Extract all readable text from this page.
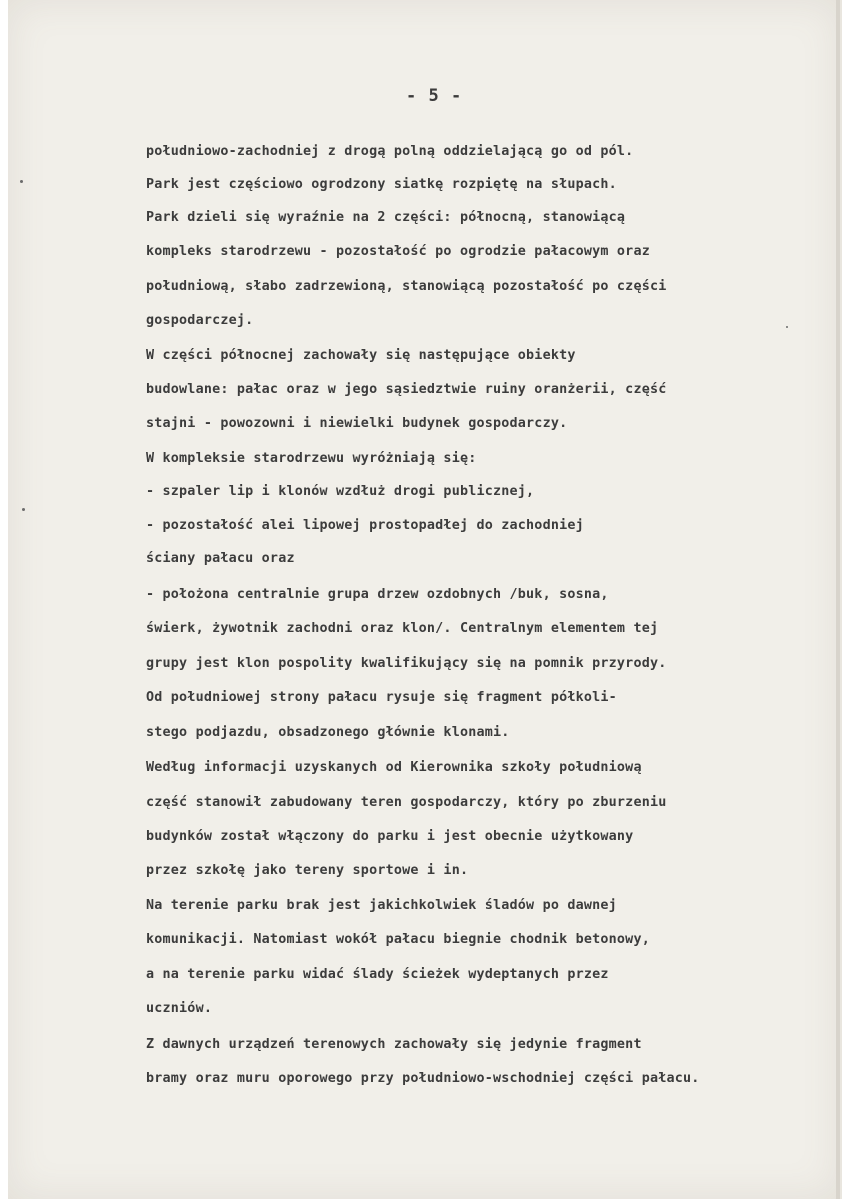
- 5 -
południowo-zachodniej z drogą polną oddzielającą go od pól.
Park jest częściowo ogrodzony siatkę rozpiętę na słupach.
Park dzieli się wyraźnie na 2 części: północną, stanowiącą
kompleks starodrzewu - pozostałość po ogrodzie pałacowym oraz
południową, słabo zadrzewioną, stanowiącą pozostałość po części
gospodarczej.
W części północnej zachowały się następujące obiekty
budowlane: pałac oraz w jego sąsiedztwie ruiny oranżerii, część
stajni - powozowni i niewielki budynek gospodarczy.
W kompleksie starodrzewu wyróżniają się:
- szpaler lip i klonów wzdłuż drogi publicznej,
- pozostałość alei lipowej prostopadłej do zachodniej
ściany pałacu oraz
- położona centralnie grupa drzew ozdobnych /buk, sosna,
świerk, żywotnik zachodni oraz klon/. Centralnym elementem tej
grupy jest klon pospolity kwalifikujący się na pomnik przyrody.
Od południowej strony pałacu rysuje się fragment półkoli-
stego podjazdu, obsadzonego głównie klonami.
Według informacji uzyskanych od Kierownika szkoły południową
część stanowił zabudowany teren gospodarczy, który po zburzeniu
budynków został włączony do parku i jest obecnie użytkowany
przez szkołę jako tereny sportowe i in.
Na terenie parku brak jest jakichkolwiek śladów po dawnej
komunikacji. Natomiast wokół pałacu biegnie chodnik betonowy,
a na terenie parku widać ślady ścieżek wydeptanych przez
uczniów.
Z dawnych urządzeń terenowych zachowały się jedynie fragment
bramy oraz muru oporowego przy południowo-wschodniej części pałacu.
